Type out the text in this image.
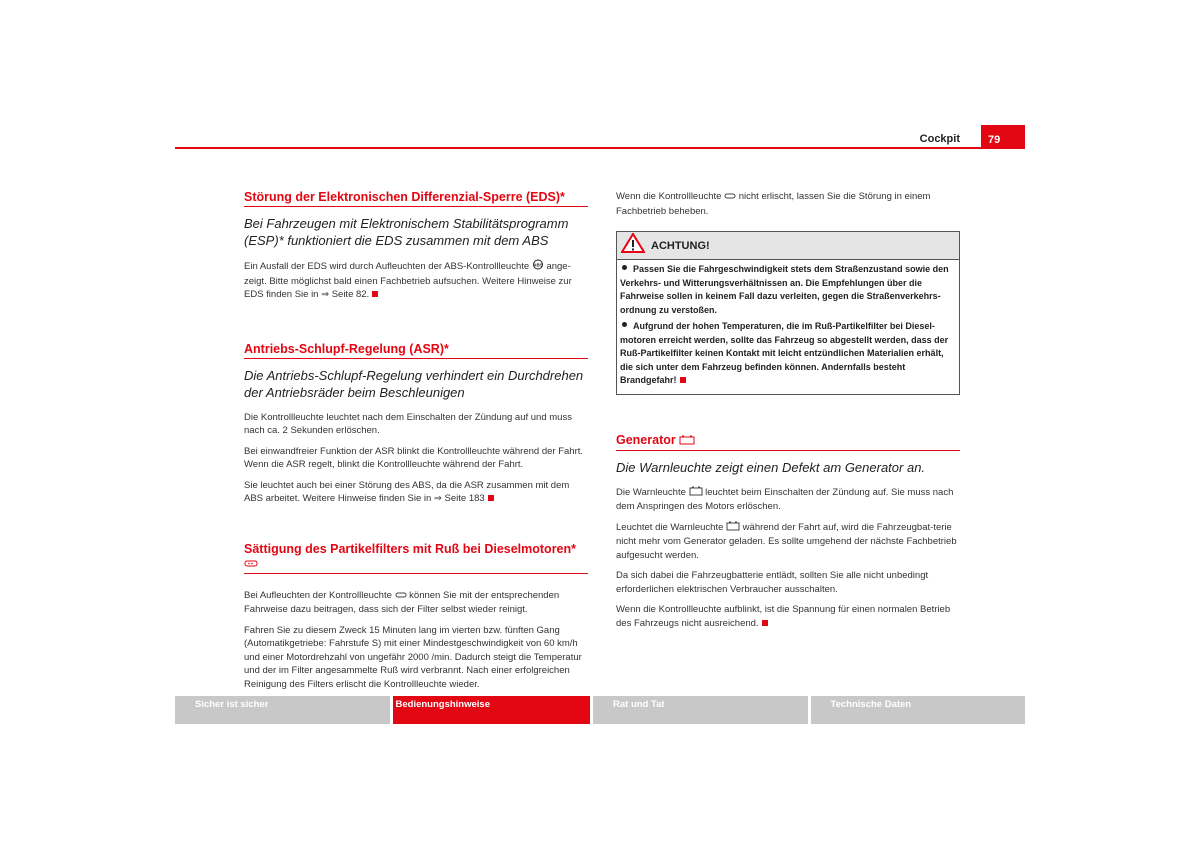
Cockpit	79
Störung der Elektronischen Differenzial-Sperre (EDS)*
Bei Fahrzeugen mit Elektronischem Stabilitätsprogramm (ESP)* funktioniert die EDS zusammen mit dem ABS

Ein Ausfall der EDS wird durch Aufleuchten der ABS-Kontrollleuchte ABS ange-zeigt. Bitte möglichst bald einen Fachbetrieb aufsuchen. Weitere Hinweise zur EDS finden Sie in ⇒ Seite 82.

Antriebs-Schlupf-Regelung (ASR)*
Die Antriebs-Schlupf-Regelung verhindert ein Durchdrehen der Antriebsräder beim Beschleunigen

Die Kontrollleuchte leuchtet nach dem Einschalten der Zündung auf und muss nach ca. 2 Sekunden erlöschen.

Bei einwandfreier Funktion der ASR blinkt die Kontrollleuchte während der Fahrt. Wenn die ASR regelt, blinkt die Kontrollleuchte während der Fahrt.

Sie leuchtet auch bei einer Störung des ABS, da die ASR zusammen mit dem ABS arbeitet. Weitere Hinweise finden Sie in ⇒ Seite 183

Sättigung des Partikelfilters mit Ruß bei Dieselmotoren*

Bei Aufleuchten der Kontrollleuchte können Sie mit der entsprechenden Fahrweise dazu beitragen, dass sich der Filter selbst wieder reinigt.

Fahren Sie zu diesem Zweck 15 Minuten lang im vierten bzw. fünften Gang (Automatikgetriebe: Fahrstufe S) mit einer Mindestgeschwindigkeit von 60 km/h und einer Motordrehzahl von ungefähr 2000 /min. Dadurch steigt die Temperatur und der im Filter angesammelte Ruß wird verbrannt. Nach einer erfolgreichen Reinigung des Filters erlischt die Kontrollleuchte wieder.

Wenn die Kontrollleuchte nicht erlischt, lassen Sie die Störung in einem Fachbetrieb beheben.

ACHTUNG!
Passen Sie die Fahrgeschwindigkeit stets dem Straßenzustand sowie den Verkehrs- und Witterungsverhältnissen an. Die Empfehlungen über die Fahrweise sollen in keinem Fall dazu verleiten, gegen die Straßenverkehrs-ordnung zu verstoßen.
Aufgrund der hohen Temperaturen, die im Ruß-Partikelfilter bei Diesel-motoren erreicht werden, sollte das Fahrzeug so abgestellt werden, dass der Ruß-Partikelfilter keinen Kontakt mit leicht entzündlichen Materialien erhält, die sich unter dem Fahrzeug befinden können. Andernfalls besteht Brandgefahr!
Generator
Die Warnleuchte zeigt einen Defekt am Generator an.

Die Warnleuchte leuchtet beim Einschalten der Zündung auf. Sie muss nach dem Anspringen des Motors erlöschen.

Leuchtet die Warnleuchte während der Fahrt auf, wird die Fahrzeugbat-terie nicht mehr vom Generator geladen. Es sollte umgehend der nächste Fachbetrieb aufgesucht werden.

Da sich dabei die Fahrzeugbatterie entlädt, sollten Sie alle nicht unbedingt erforderlichen elektrischen Verbraucher ausschalten.

Wenn die Kontrollleuchte aufblinkt, ist die Spannung für einen normalen Betrieb des Fahrzeugs nicht ausreichend.

Sicher ist sicher	Bedienungshinweise	Rat und Tat	Technische Daten
